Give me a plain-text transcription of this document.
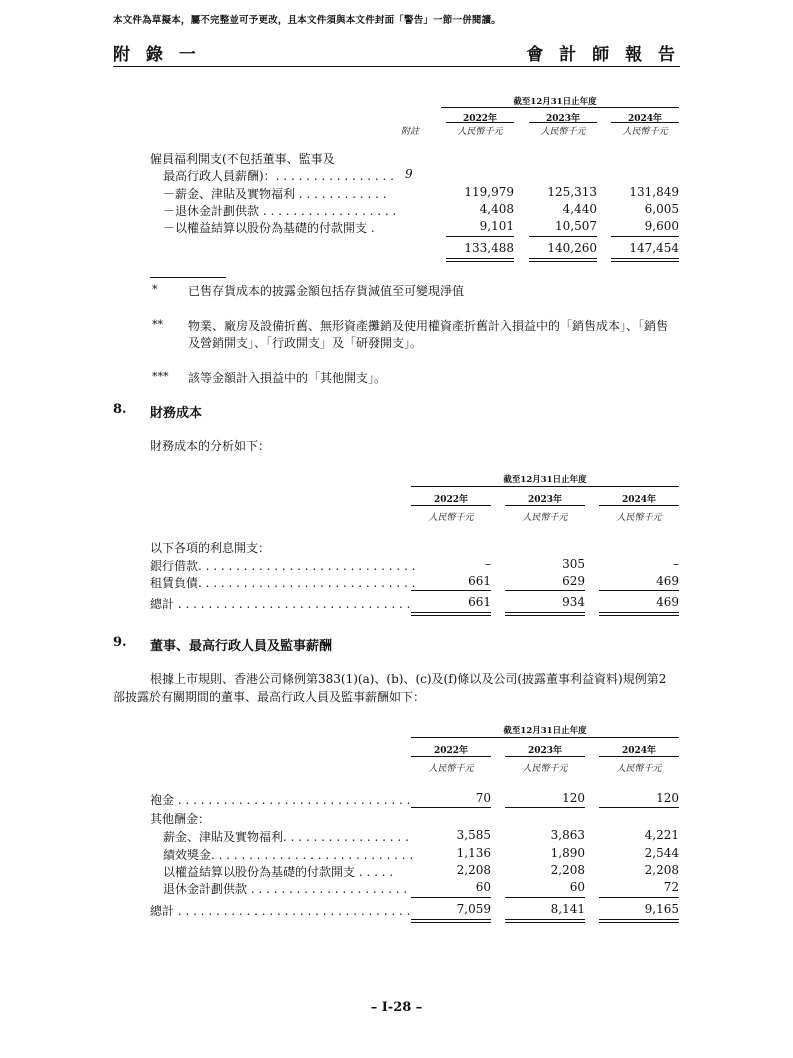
本文件為草擬本，屬不完整並可予更改，且本文件須與本文件封面「警告」一節一併閱讀。
附 錄 一	會 計 師 報 告
截至12月31日止年度
2022年	2023年	2024年
附註	人民幣千元	人民幣千元	人民幣千元
僱員福利開支(不包括董事、監事及
最高行政人員薪酬)：. . . . . . . . . . . . . . . . 9
－薪金、津貼及實物福利 . . . . . . . . . . . .	119,979	125,313	131,849
－退休金計劃供款 . . . . . . . . . . . . . . . . . .	4,408	4,440	6,005
－以權益結算以股份為基礎的付款開支 .	9,101	10,507	9,600
133,488	140,260	147,454
*	已售存貨成本的披露金額包括存貨減值至可變現淨值
** 物業、廠房及設備折舊、無形資產攤銷及使用權資產折舊計入損益中的「銷售成本」、「銷售
及營銷開支」、「行政開支」及「研發開支」。
*** 該等金額計入損益中的「其他開支」。
8. 財務成本
財務成本的分析如下：
截至12月31日止年度
2022年	2023年	2024年
人民幣千元	人民幣千元	人民幣千元
以下各項的利息開支：
銀行借款. . . . . . . . . . . . . . . . . . . . . . . . . . . . .	–	305	–
租賃負債. . . . . . . . . . . . . . . . . . . . . . . . . . . . .	661	629	469
總計 . . . . . . . . . . . . . . . . . . . . . . . . . . . . . . .	661	934	469
9. 董事、最高行政人員及監事薪酬
根據上市規則、香港公司條例第383(1)(a)、(b)、(c)及(f)條以及公司(披露董事利益資料)規例第2
部披露於有關期間的董事、最高行政人員及監事薪酬如下：
截至12月31日止年度
2022年	2023年	2024年
人民幣千元	人民幣千元	人民幣千元
袍金 . . . . . . . . . . . . . . . . . . . . . . . . . . . . . . .	70	120	120
其他酬金：
薪金、津貼及實物福利. . . . . . . . . . . . . . . . .	3,585	3,863	4,221
績效獎金. . . . . . . . . . . . . . . . . . . . . . . . . . .	1,136	1,890	2,544
以權益結算以股份為基礎的付款開支 . . . . .	2,208	2,208	2,208
退休金計劃供款 . . . . . . . . . . . . . . . . . . . . .	60	60	72
總計 . . . . . . . . . . . . . . . . . . . . . . . . . . . . . . .	7,059	8,141	9,165
– I-28 –
